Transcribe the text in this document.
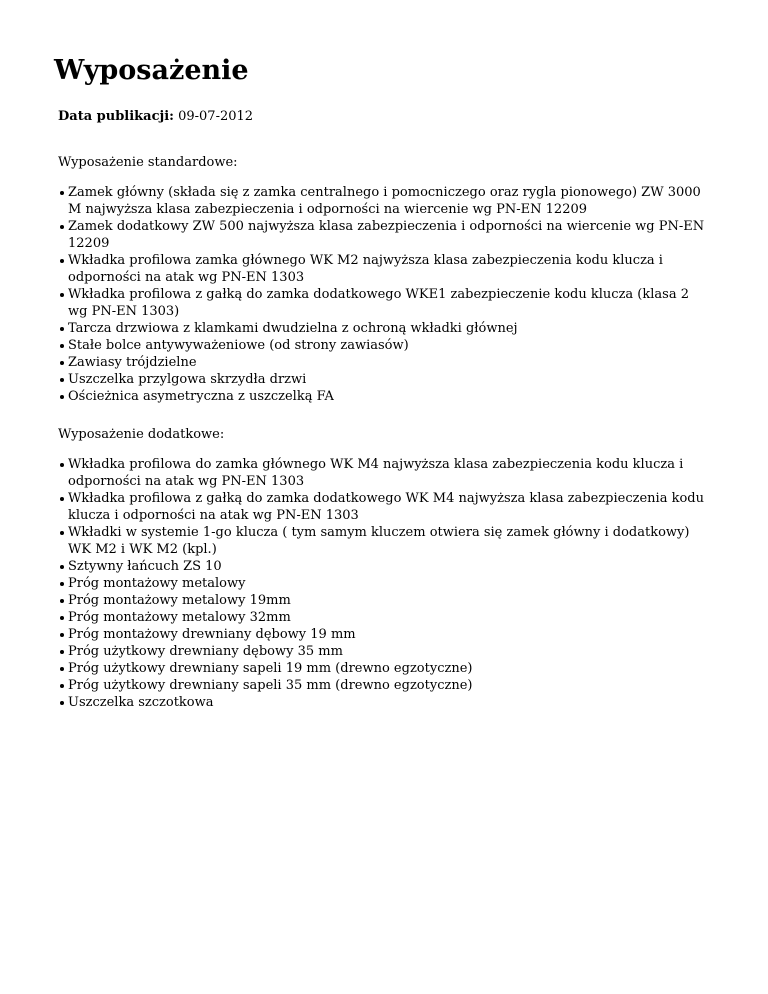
Wyposażenie
Data publikacji: 09-07-2012

Wyposażenie standardowe:

Zamek główny (składa się z zamka centralnego i pomocniczego oraz rygla pionowego) ZW 3000 M najwyższa klasa zabezpieczenia i odporności na wiercenie wg PN-EN 12209
Zamek dodatkowy ZW 500 najwyższa klasa zabezpieczenia i odporności na wiercenie wg PN-EN 12209
Wkładka profilowa zamka głównego WK M2 najwyższa klasa zabezpieczenia kodu klucza i odporności na atak wg PN-EN 1303
Wkładka profilowa z gałką do zamka dodatkowego WKE1 zabezpieczenie kodu klucza (klasa 2 wg PN-EN 1303)
Tarcza drzwiowa z klamkami dwudzielna z ochroną wkładki głównej
Stałe bolce antywyważeniowe (od strony zawiasów)
Zawiasy trójdzielne
Uszczelka przylgowa skrzydła drzwi
Ościeżnica asymetryczna z uszczelką FA

Wyposażenie dodatkowe:

Wkładka profilowa do zamka głównego WK M4 najwyższa klasa zabezpieczenia kodu klucza i odporności na atak wg PN-EN 1303
Wkładka profilowa z gałką do zamka dodatkowego WK M4 najwyższa klasa zabezpieczenia kodu klucza i odporności na atak wg PN-EN 1303
Wkładki w systemie 1-go klucza ( tym samym kluczem otwiera się zamek główny i dodatkowy) WK M2 i WK M2 (kpl.)
Sztywny łańcuch ZS 10
Próg montażowy metalowy
Próg montażowy metalowy 19mm
Próg montażowy metalowy 32mm
Próg montażowy drewniany dębowy 19 mm
Próg użytkowy drewniany dębowy 35 mm
Próg użytkowy drewniany sapeli 19 mm (drewno egzotyczne)
Próg użytkowy drewniany sapeli 35 mm (drewno egzotyczne)
Uszczelka szczotkowa
